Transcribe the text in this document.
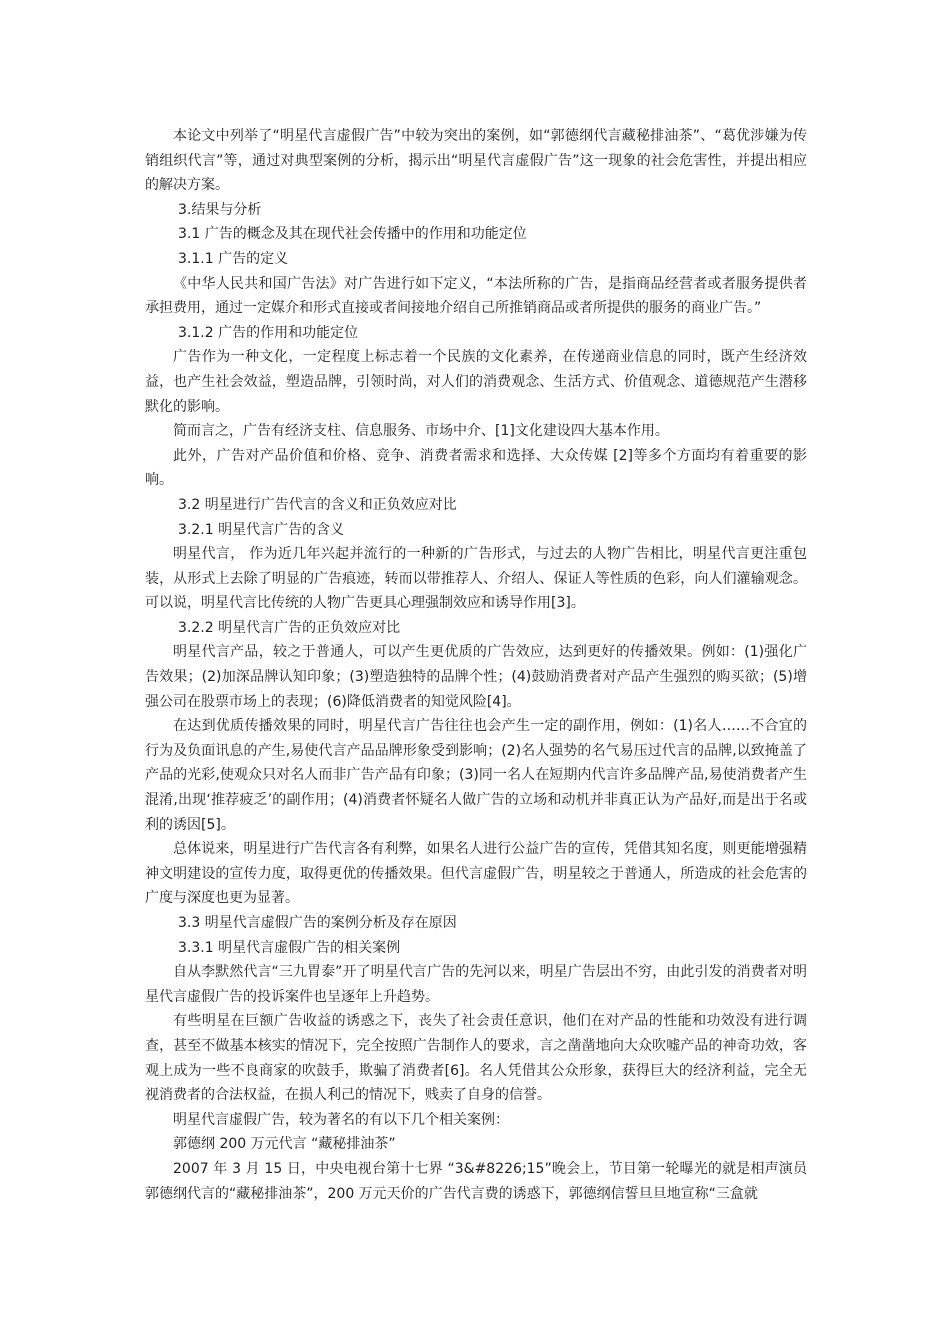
本论文中列举了“明星代言虚假广告”中较为突出的案例，如“郭德纲代言藏秘排油茶”、“葛优涉嫌为传销组织代言”等，通过对典型案例的分析，揭示出“明星代言虚假广告”这一现象的社会危害性，并提出相应的解决方案。

3.结果与分析

3.1 广告的概念及其在现代社会传播中的作用和功能定位

3.1.1 广告的定义

《中华人民共和国广告法》对广告进行如下定义，“本法所称的广告，是指商品经营者或者服务提供者承担费用，通过一定媒介和形式直接或者间接地介绍自己所推销商品或者所提供的服务的商业广告。”

3.1.2 广告的作用和功能定位

广告作为一种文化，一定程度上标志着一个民族的文化素养，在传递商业信息的同时，既产生经济效益，也产生社会效益，塑造品牌，引领时尚，对人们的消费观念、生活方式、价值观念、道德规范产生潜移默化的影响。

简而言之，广告有经济支柱、信息服务、市场中介、[1]文化建设四大基本作用。

此外，广告对产品价值和价格、竞争、消费者需求和选择、大众传媒 [2]等多个方面均有着重要的影响。

3.2 明星进行广告代言的含义和正负效应对比

3.2.1 明星代言广告的含义

明星代言， 作为近几年兴起并流行的一种新的广告形式，与过去的人物广告相比，明星代言更注重包装，从形式上去除了明显的广告痕迹，转而以带推荐人、介绍人、保证人等性质的色彩，向人们灌输观念。可以说，明星代言比传统的人物广告更具心理强制效应和诱导作用[3]。

3.2.2 明星代言广告的正负效应对比

明星代言产品，较之于普通人，可以产生更优质的广告效应，达到更好的传播效果。例如：(1)强化广告效果；(2)加深品牌认知印象；(3)塑造独特的品牌个性；(4)鼓励消费者对产品产生强烈的购买欲；(5)增强公司在股票市场上的表现；(6)降低消费者的知觉风险[4]。

在达到优质传播效果的同时，明星代言广告往往也会产生一定的副作用，例如：(1)名人……不合宜的行为及负面讯息的产生,易使代言产品品牌形象受到影响；(2)名人强势的名气易压过代言的品牌,以致掩盖了产品的光彩,使观众只对名人而非广告产品有印象；(3)同一名人在短期内代言许多品牌产品,易使消费者产生混淆,出现‘推荐疲乏’的副作用；(4)消费者怀疑名人做广告的立场和动机并非真正认为产品好,而是出于名或利的诱因[5]。

总体说来，明星进行广告代言各有利弊，如果名人进行公益广告的宣传，凭借其知名度，则更能增强精神文明建设的宣传力度，取得更优的传播效果。但代言虚假广告，明星较之于普通人，所造成的社会危害的广度与深度也更为显著。

3.3 明星代言虚假广告的案例分析及存在原因

3.3.1 明星代言虚假广告的相关案例

自从李默然代言“三九胃泰”开了明星代言广告的先河以来，明星广告层出不穷，由此引发的消费者对明星代言虚假广告的投诉案件也呈逐年上升趋势。

有些明星在巨额广告收益的诱惑之下，丧失了社会责任意识，他们在对产品的性能和功效没有进行调查，甚至不做基本核实的情况下，完全按照广告制作人的要求，言之凿凿地向大众吹嘘产品的神奇功效，客观上成为一些不良商家的吹鼓手，欺骗了消费者[6]。名人凭借其公众形象，获得巨大的经济利益，完全无视消费者的合法权益，在损人利己的情况下，贱卖了自身的信誉。

明星代言虚假广告，较为著名的有以下几个相关案例：

郭德纲 200 万元代言 “藏秘排油茶”

2007 年 3 月 15 日，中央电视台第十七界 “3&#8226;15”晚会上，节目第一轮曝光的就是相声演员郭德纲代言的“藏秘排油茶”，200 万元天价的广告代言费的诱惑下，郭德纲信誓旦旦地宣称“三盒就
